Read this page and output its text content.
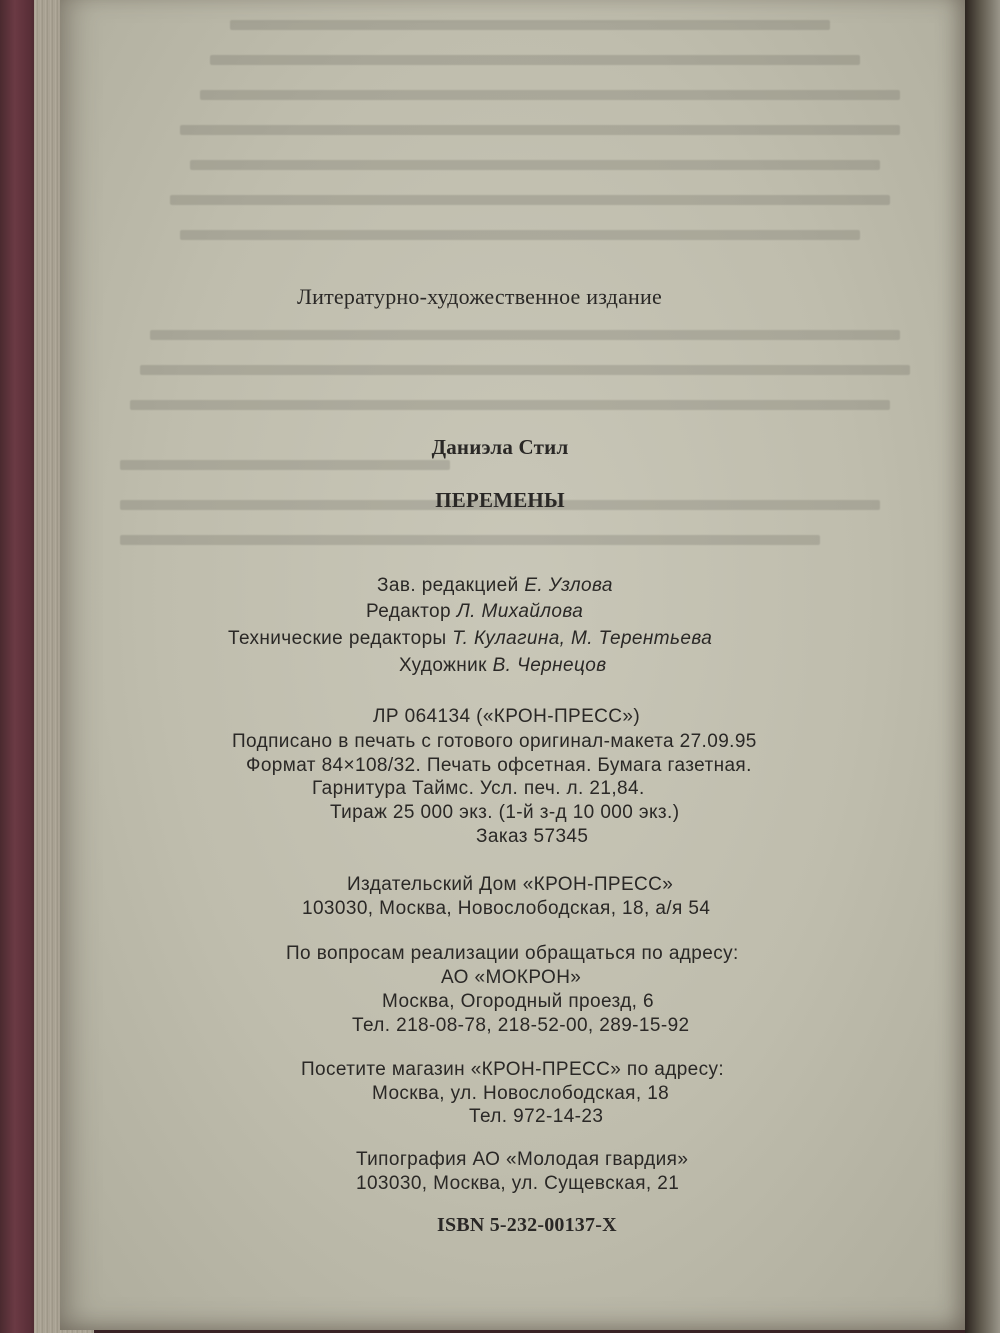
Литературно-художественное издание
Даниэла Стил
ПЕРЕМЕНЫ
Зав. редакцией Е. Узлова
Редактор Л. Михайлова
Технические редакторы Т. Кулагина, М. Терентьева
Художник В. Чернецов
ЛР 064134 («КРОН-ПРЕСС»)
Подписано в печать с готового оригинал-макета 27.09.95
Формат 84×108/32. Печать офсетная. Бумага газетная.
Гарнитура Таймс. Усл. печ. л. 21,84.
Тираж 25 000 экз. (1-й з-д 10 000 экз.)
Заказ 57345
Издательский Дом «КРОН-ПРЕСС»
103030, Москва, Новослободская, 18, а/я 54
По вопросам реализации обращаться по адресу:
АО «МОКРОН»
Москва, Огородный проезд, 6
Тел. 218-08-78, 218-52-00, 289-15-92
Посетите магазин «КРОН-ПРЕСС» по адресу:
Москва, ул. Новослободская, 18
Тел. 972-14-23
Типография АО «Молодая гвардия»
103030, Москва, ул. Сущевская, 21
ISBN 5-232-00137-X
